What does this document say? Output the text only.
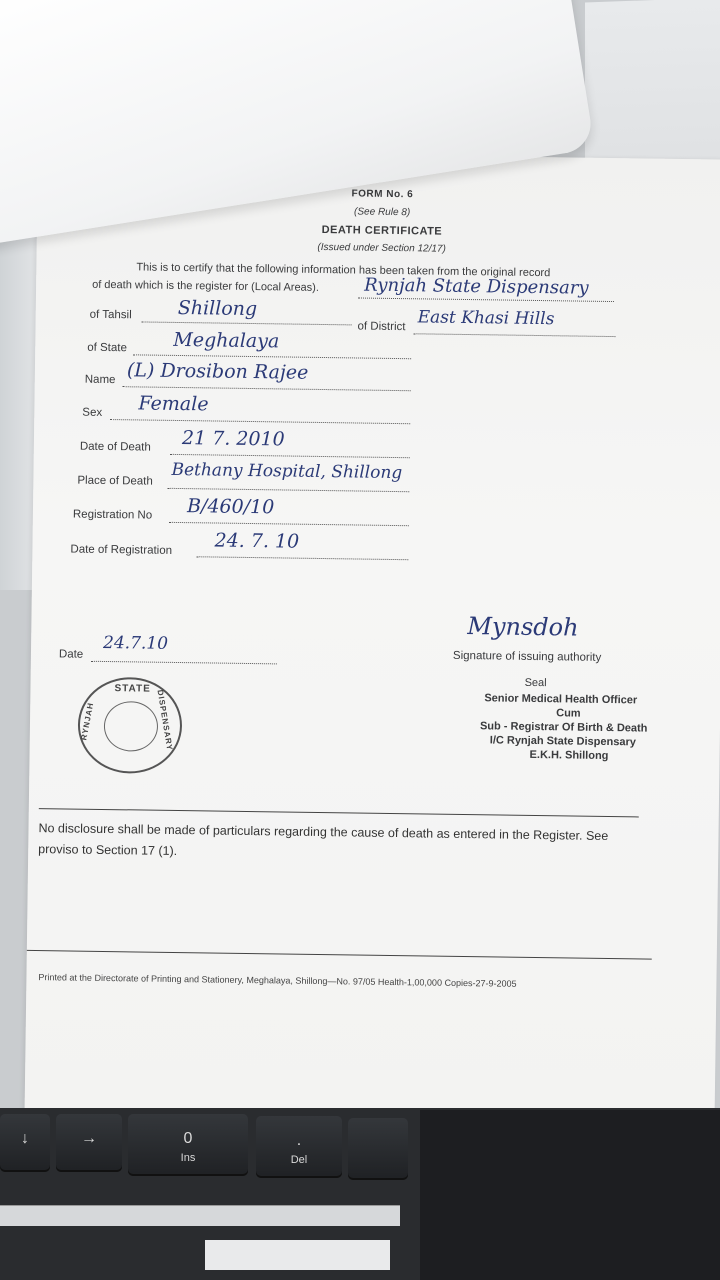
FORM No. 6
(See Rule 8)
DEATH CERTIFICATE
(Issued under Section 12/17)
This is to certify that the following information has been taken from the original record
of death which is the register for (Local Areas). Rynjah State Dispensary
of Tahsil Shillong
of District East Khasi Hills
of State Meghalaya
Name (L) Drosibon Rajee
Sex Female
Date of Death 21 7. 2010
Place of Death Bethany Hospital, Shillong
Registration No B/460/10
Date of Registration 24. 7. 10
Date
24.7.10
Mynsdoh
Signature of issuing authority
Seal
Senior Medical Health Officer
Cum
Sub - Registrar Of Birth & Death
I/C Rynjah State Dispensary
E.K.H. Shillong
STATE
RYNJAH	DISPENSARY
No disclosure shall be made of particulars regarding the cause of death as entered in the Register. See proviso to Section 17 (1).
Printed at the Directorate of Printing and Stationery, Meghalaya, Shillong—No. 97/05 Health-1,00,000 Copies-27-9-2005
↓	→	0
Ins
.
Del
